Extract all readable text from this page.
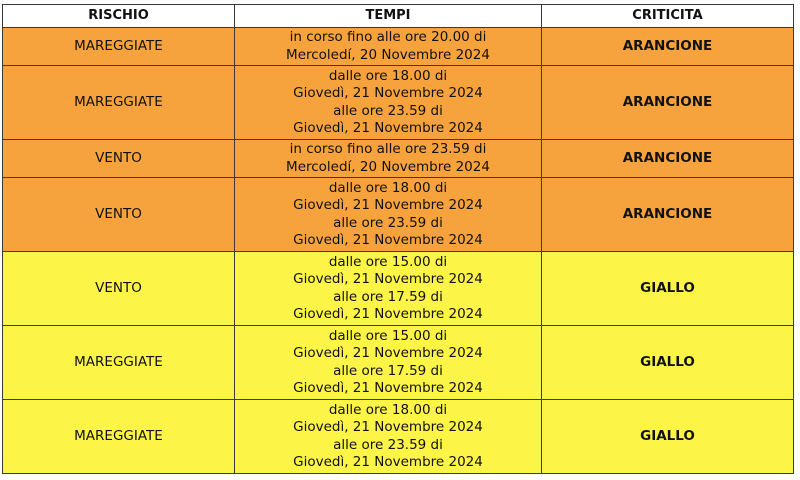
RISCHIO	TEMPI	CRITICITA
MAREGGIATE	in corso fino alle ore 20.00 di
Mercoledí, 20 Novembre 2024	ARANCIONE
MAREGGIATE	dalle ore 18.00 di
Giovedì, 21 Novembre 2024
alle ore 23.59 di
Giovedì, 21 Novembre 2024	ARANCIONE
VENTO	in corso fino alle ore 23.59 di
Mercoledí, 20 Novembre 2024	ARANCIONE
VENTO	dalle ore 18.00 di
Giovedì, 21 Novembre 2024
alle ore 23.59 di
Giovedì, 21 Novembre 2024	ARANCIONE
VENTO	dalle ore 15.00 di
Giovedì, 21 Novembre 2024
alle ore 17.59 di
Giovedì, 21 Novembre 2024	GIALLO
MAREGGIATE	dalle ore 15.00 di
Giovedì, 21 Novembre 2024
alle ore 17.59 di
Giovedì, 21 Novembre 2024	GIALLO
MAREGGIATE	dalle ore 18.00 di
Giovedì, 21 Novembre 2024
alle ore 23.59 di
Giovedì, 21 Novembre 2024	GIALLO
